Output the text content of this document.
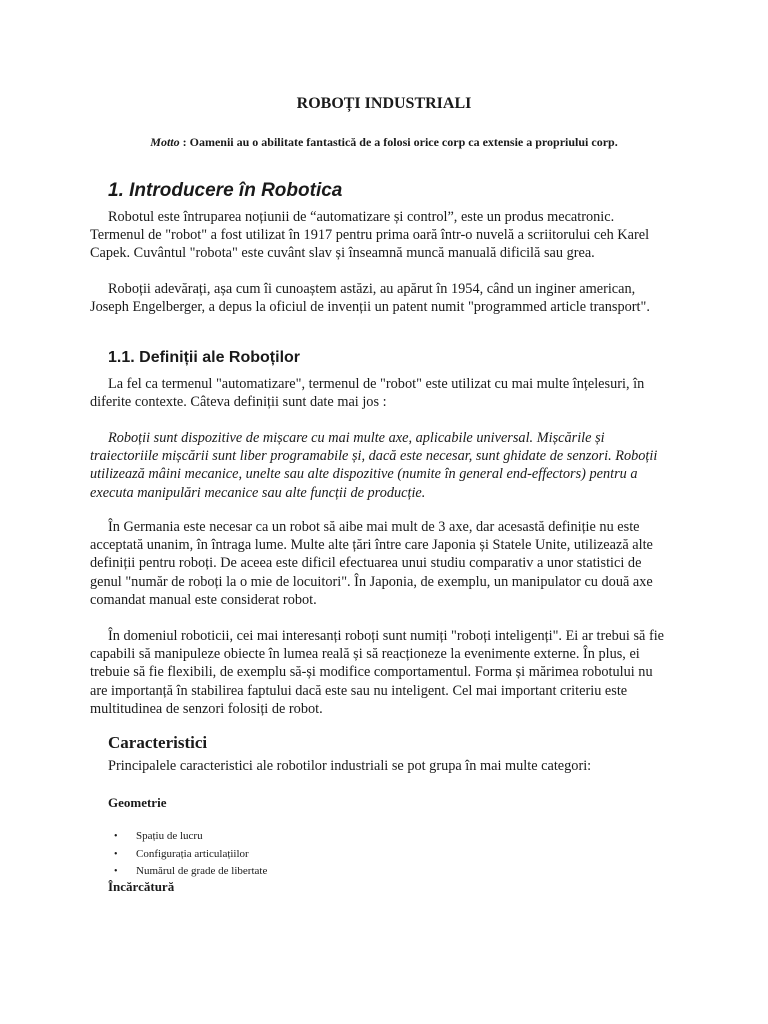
ROBOȚI INDUSTRIALI

Motto : Oamenii au o abilitate fantastică de a folosi orice corp ca extensie a propriului corp.

1. Introducere în Robotica

Robotul este întruparea noțiunii de “automatizare și control”, este un produs mecatronic. Termenul de "robot" a fost utilizat în 1917 pentru prima oară într-o nuvelă a scriitorului ceh Karel Capek. Cuvântul "robota" este cuvânt slav și înseamnă muncă manuală dificilă sau grea.

Roboții adevărați, așa cum îi cunoaștem astăzi, au apărut în 1954, când un inginer american, Joseph Engelberger, a depus la oficiul de invenții un patent numit "programmed article transport".

1.1. Definiții ale Roboților

La fel ca termenul "automatizare", termenul de "robot" este utilizat cu mai multe înțelesuri, în diferite contexte. Câteva definiții sunt date mai jos :

Roboții sunt dispozitive de mișcare cu mai multe axe, aplicabile universal. Mișcările și traiectoriile mișcării sunt liber programabile și, dacă este necesar, sunt ghidate de senzori. Roboții utilizează mâini mecanice, unelte sau alte dispozitive (numite în general end-effectors) pentru a executa manipulări mecanice sau alte funcții de producție.

În Germania este necesar ca un robot să aibe mai mult de 3 axe, dar acesastă definiție nu este acceptată unanim, în întraga lume. Multe alte țări între care Japonia și Statele Unite, utilizează alte definiții pentru roboți. De aceea este dificil efectuarea unui studiu comparativ a unor statistici de genul "număr de roboți la o mie de locuitori". În Japonia, de exemplu, un manipulator cu două axe comandat manual este considerat robot.

În domeniul roboticii, cei mai interesanți roboți sunt numiți "roboți inteligenți". Ei ar trebui să fie capabili să manipuleze obiecte în lumea reală și să reacționeze la evenimente externe. În plus, ei trebuie să fie flexibili, de exemplu să-și modifice comportamentul. Forma și mărimea robotului nu are importanță în stabilirea faptului dacă este sau nu inteligent. Cel mai important criteriu este multitudinea de senzori folosiți de robot.

Caracteristici

Principalele caracteristici ale robotilor industriali se pot grupa în mai multe categori:

Geometrie
• Spațiu de lucru
• Configurația articulațiilor
• Numărul de grade de libertate
Încărcătură
